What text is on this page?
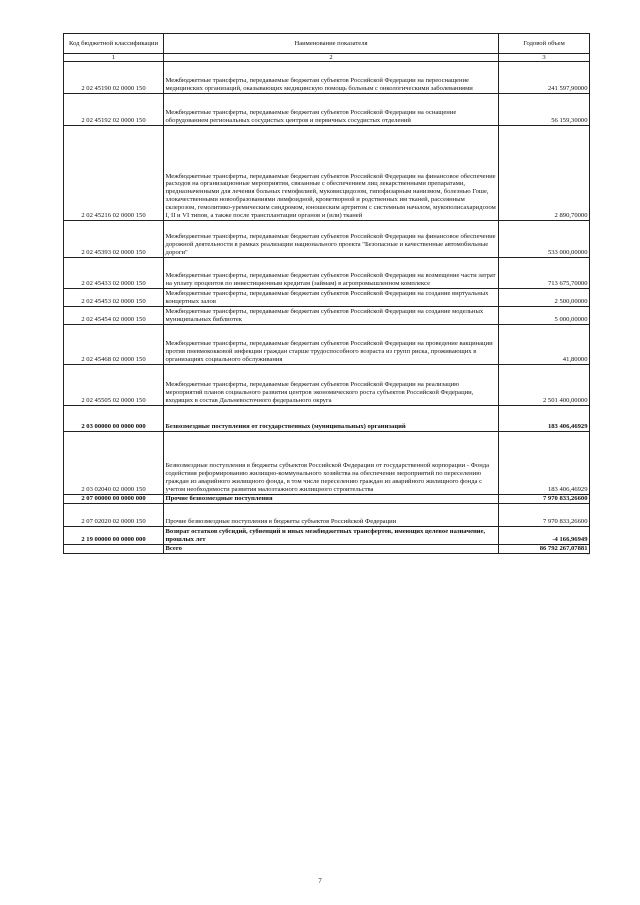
Код бюджетной классификации	Наименование показателя	Годовой объем
1	2	3
2 02 45190 02 0000 150	Межбюджетные трансферты, передаваемые бюджетам субъектов Российской Федерации на переоснащение медицинских организаций, оказывающих медицинскую помощь больным с онкологическими заболеваниями	241 597,90000
2 02 45192 02 0000 150	Межбюджетные трансферты, передаваемые бюджетам субъектов Российской Федерации на оснащение оборудованием региональных сосудистых центров и первичных сосудистых отделений	56 159,30000
2 02 45216 02 0000 150	Межбюджетные трансферты, передаваемые бюджетам субъектов Российской Федерации на финансовое обеспечение расходов на организационные мероприятия, связанные с обеспечением лиц лекарственными препаратами, предназначенными для лечения больных гемофилией, муковисцидозом, гипофизарным нанизмом, болезнью Гоше, злокачественными новообразованиями лимфоидной, кроветворной и родственных им тканей, рассеянным склерозом, гемолитико-уремическим синдромом, юношеским артритом с системным началом, мукополисахаридозом I, II и VI типов, а также после трансплантации органов и (или) тканей	2 890,70000
2 02 45393 02 0000 150	Межбюджетные трансферты, передаваемые бюджетам субъектов Российской Федерации на финансовое обеспечение дорожной деятельности в рамках реализации национального проекта "Безопасные и качественные автомобильные дороги"	533 000,00000
2 02 45433 02 0000 150	Межбюджетные трансферты, передаваемые бюджетам субъектов Российской Федерации на возмещение части затрат на уплату процентов по инвестиционным кредитам (займам) в агропромышленном комплексе	713 675,70000
2 02 45453 02 0000 150	Межбюджетные трансферты, передаваемые бюджетам субъектов Российской Федерации на создание виртуальных концертных залов	2 500,00000
2 02 45454 02 0000 150	Межбюджетные трансферты, передаваемые бюджетам субъектов Российской Федерации на создание модельных муниципальных библиотек	5 000,00000
2 02 45468 02 0000 150	Межбюджетные трансферты, передаваемые бюджетам субъектов Российской Федерации на проведение вакцинации против пневмококковой инфекции граждан старше трудоспособного возраста из групп риска, проживающих в организациях социального обслуживания	41,80000
2 02 45505 02 0000 150	Межбюджетные трансферты, передаваемые бюджетам субъектов Российской Федерации на реализацию мероприятий планов социального развития центров экономического роста субъектов Российской Федерации, входящих в состав Дальневосточного федерального округа	2 501 400,00000
2 03 00000 00 0000 000	Безвозмездные поступления от государственных (муниципальных) организаций	183 406,46929
2 03 02040 02 0000 150	Безвозмездные поступления в бюджеты субъектов Российской Федерации от государственной корпорации - Фонда содействия реформированию жилищно-коммунального хозяйства на обеспечение мероприятий по переселению граждан из аварийного жилищного фонда, в том числе переселению граждан из аварийного жилищного фонда с учетом необходимости развития малоэтажного жилищного строительства	183 406,46929
2 07 00000 00 0000 000	Прочие безвозмездные поступления	7 970 833,26600
2 07 02020 02 0000 150	Прочие безвозмездные поступления в бюджеты субъектов Российской Федерации	7 970 833,26600
2 19 00000 00 0000 000	Возврат остатков субсидий, субвенций и иных межбюджетных трансфертов, имеющих целевое назначение, прошлых лет	-4 166,96949
	Всего	86 792 267,07881
"
7
